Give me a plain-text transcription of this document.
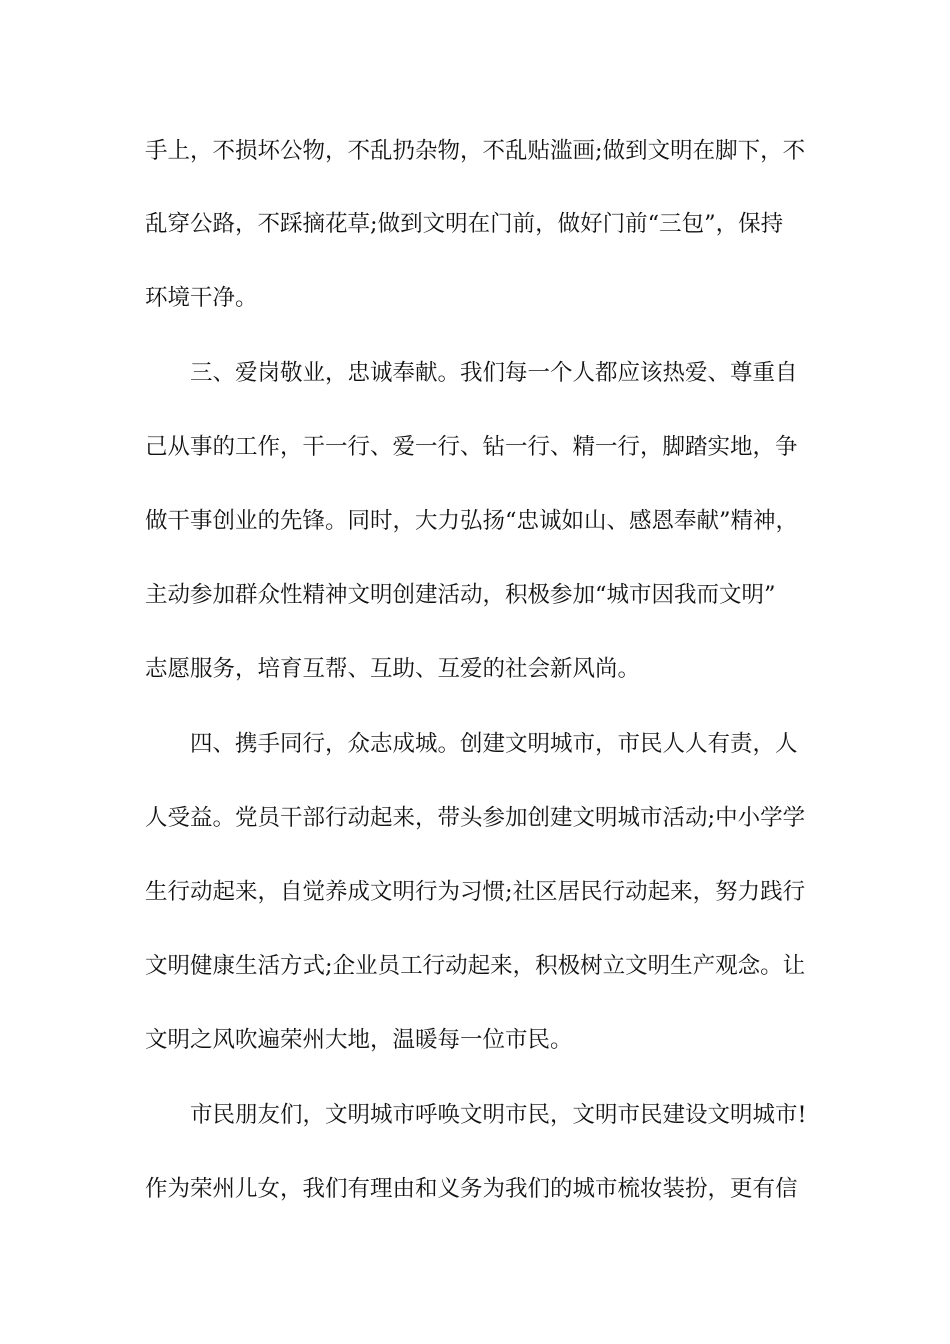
手上，不损坏公物，不乱扔杂物，不乱贴滥画;做到文明在脚下，不
乱穿公路，不踩摘花草;做到文明在门前，做好门前“三包”，保持
环境干净。
三、爱岗敬业，忠诚奉献。我们每一个人都应该热爱、尊重自
己从事的工作，干一行、爱一行、钻一行、精一行，脚踏实地，争
做干事创业的先锋。同时，大力弘扬“忠诚如山、感恩奉献”精神，
主动参加群众性精神文明创建活动，积极参加“城市因我而文明”
志愿服务，培育互帮、互助、互爱的社会新风尚。
四、携手同行，众志成城。创建文明城市，市民人人有责，人
人受益。党员干部行动起来，带头参加创建文明城市活动;中小学学
生行动起来，自觉养成文明行为习惯;社区居民行动起来，努力践行
文明健康生活方式;企业员工行动起来，积极树立文明生产观念。让
文明之风吹遍荣州大地，温暖每一位市民。
市民朋友们，文明城市呼唤文明市民，文明市民建设文明城市!
作为荣州儿女，我们有理由和义务为我们的城市梳妆装扮，更有信
